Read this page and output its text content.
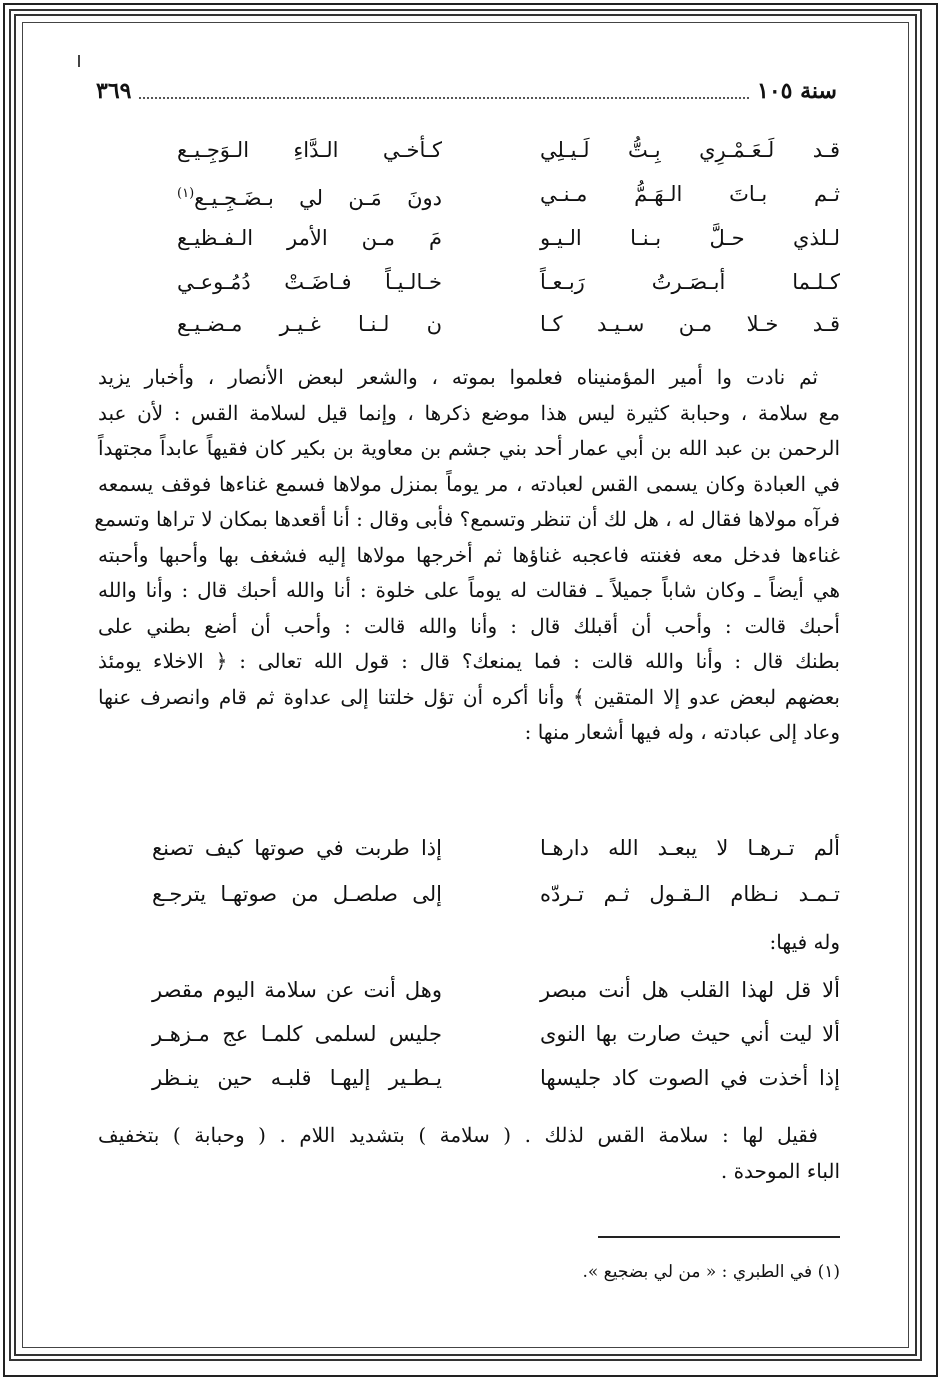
سنة ١٠٥
٣٦٩
قـد لَـعَـمْـرِي بِـتُّ لَـيـلِي
كـأخـي الـدَّاءِ الـوَجِـيـع
ثـم بـاتَ الـهَـمُّ مـنـي
دونَ مَـن لي بـضَـجِـيـع$^{(١)}$
لـلذي حـلَّ بـنـا الـيـو
مَ مـن الأمر الـفـظيـع
كـلـما أبـصَـرتُ رَبـعـاً
خـالـيـاً فـاضَـتْ دُمُـوعـي
قـد خـلا مـن سـيـد كـا
ن لـنـا غـيـر مـضـيـع
ثم نادت وا أمير المؤمنيناه فعلموا بموته ، والشعر لبعض الأنصار ، وأخبار يزيد
مع سلامة ، وحبابة كثيرة ليس هذا موضع ذكرها ، وإنما قيل لسلامة القس : لأن عبد
الرحمن بن عبد الله بن أبي عمار أحد بني جشم بن معاوية بن بكير كان فقيهاً عابداً مجتهداً
في العبادة وكان يسمى القس لعبادته ، مر يوماً بمنزل مولاها فسمع غناءها فوقف يسمعه
فرآه مولاها فقال له ، هل لك أن تنظر وتسمع؟ فأبى وقال : أنا أقعدها بمكان لا تراها وتسمع
غناءها فدخل معه فغنته فاعجبه غناؤها ثم أخرجها مولاها إليه فشغف بها وأحبها وأحبته
هي أيضاً ـ وكان شاباً جميلاً ـ فقالت له يوماً على خلوة : أنا والله أحبك قال : وأنا والله
أحبك قالت : وأحب أن أقبلك قال : وأنا والله قالت : وأحب أن أضع بطني على
بطنك قال : وأنا والله قالت : فما يمنعك؟ قال : قول الله تعالى : ﴿ الاخلاء يومئذ
بعضهم لبعض عدو إلا المتقين ﴾ وأنا أكره أن تؤل خلتنا إلى عداوة ثم قام وانصرف عنها
وعاد إلى عبادته ، وله فيها أشعار منها :
ألم تـرهـا لا يبعـد الله دارهـا
إذا طربت في صوتها كيف تصنع
تـمـد نـظام الـقـول ثـم تـردّه
إلى صلصـل من صوتهـا يترجـع
وله فيها:
ألا قل لهذا القلب هل أنت مبصر
وهل أنت عن سلامة اليوم مقصر
ألا ليت أني حيث صارت بها النوى
جليس لسلمى كلمـا عج مـزهـر
إذا أخذت في الصوت كاد جليسها
يـطـير إليهـا قلبـه حين ينـظر
فقيل لها : سلامة القس لذلك . ( سلامة ) بتشديد اللام . ( وحبابة ) بتخفيف
الباء الموحدة .
(١) في الطبري : « من لي بضجيع ».
